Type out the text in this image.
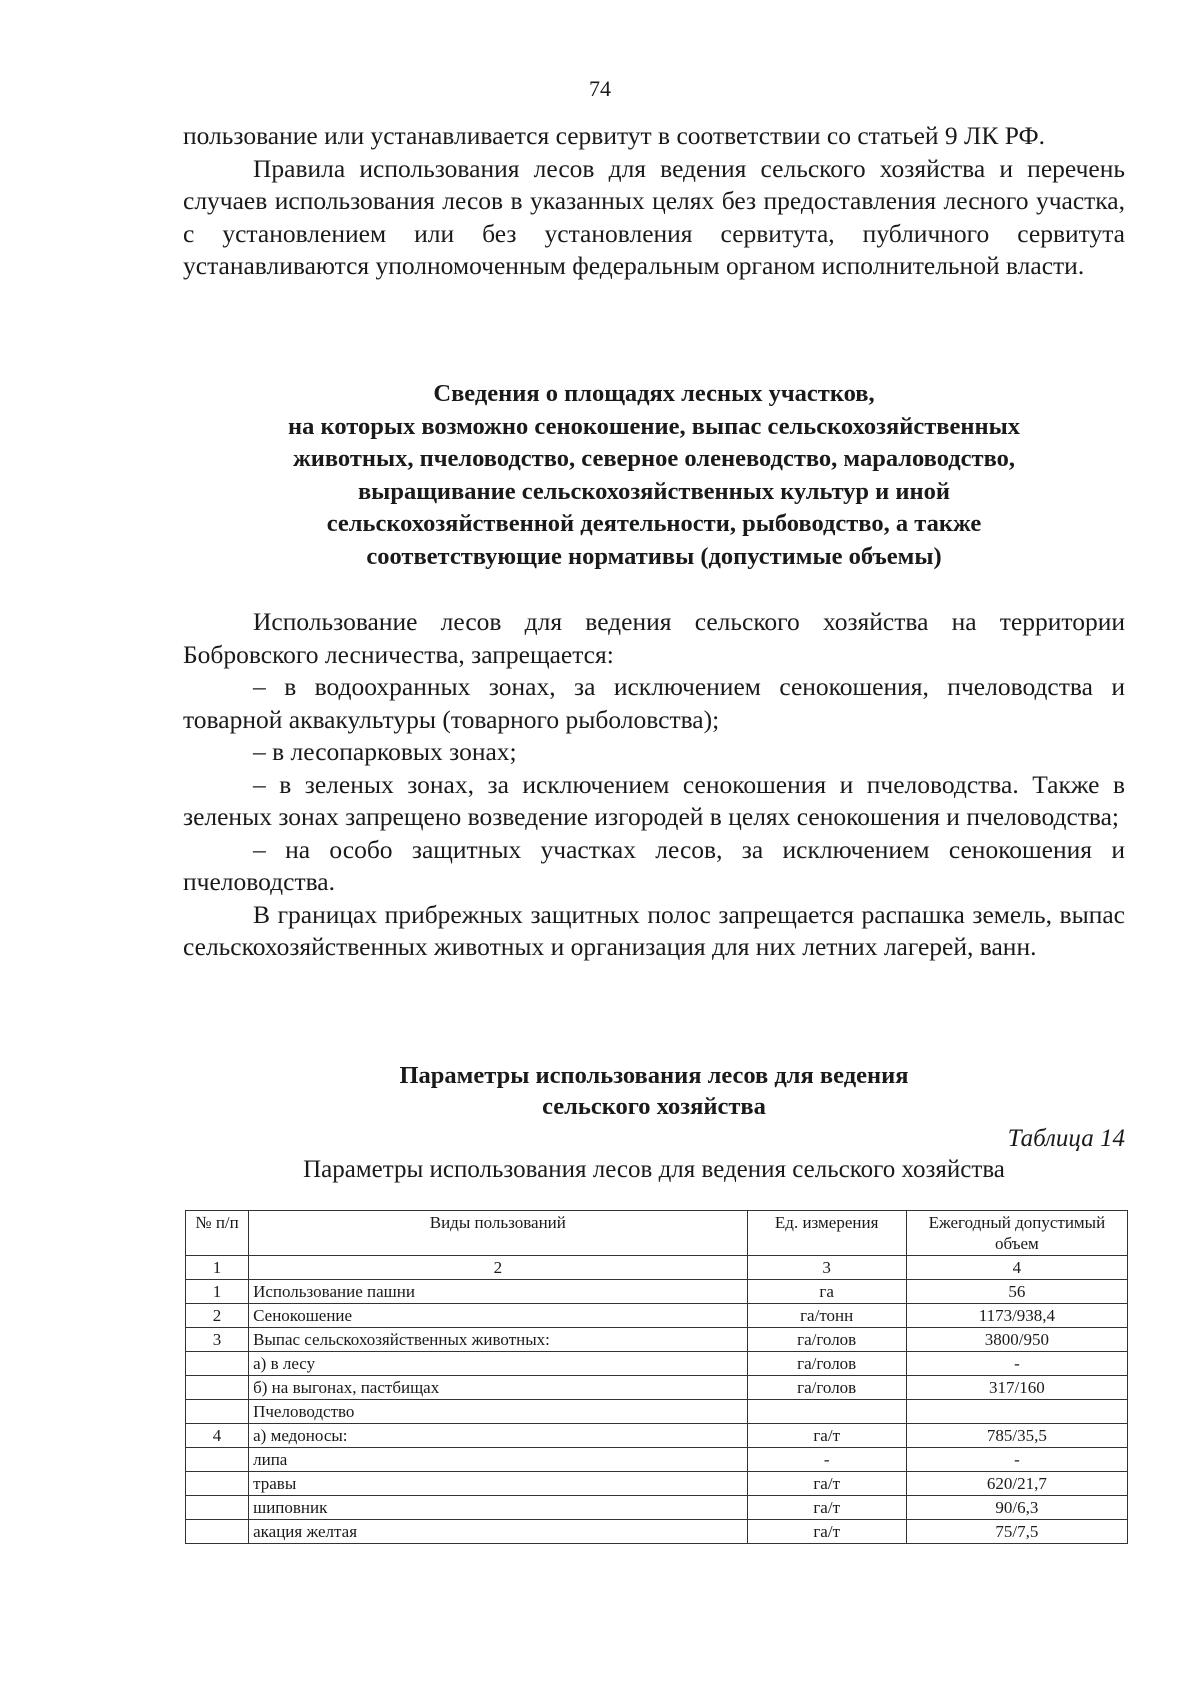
74

пользование или устанавливается сервитут в соответствии со статьей 9 ЛК РФ.

Правила использования лесов для ведения сельского хозяйства и перечень случаев использования лесов в указанных целях без предоставления лесного участка, с установлением или без установления сервитута, публичного сервитута устанавливаются уполномоченным федеральным органом исполнительной власти.

Сведения о площадях лесных участков,
на которых возможно сенокошение, выпас сельскохозяйственных
животных, пчеловодство, северное оленеводство, мараловодство,
выращивание сельскохозяйственных культур и иной
сельскохозяйственной деятельности, рыбоводство, а также
соответствующие нормативы (допустимые объемы)

Использование лесов для ведения сельского хозяйства на территории Бобровского лесничества, запрещается:

– в водоохранных зонах, за исключением сенокошения, пчеловодства и товарной аквакультуры (товарного рыболовства);

– в лесопарковых зонах;

– в зеленых зонах, за исключением сенокошения и пчеловодства. Также в зеленых зонах запрещено возведение изгородей в целях сенокошения и пчеловодства;

– на особо защитных участках лесов, за исключением сенокошения и пчеловодства.

В границах прибрежных защитных полос запрещается распашка земель, выпас сельскохозяйственных животных и организация для них летних лагерей, ванн.

Параметры использования лесов для ведения
сельского хозяйства
Таблица 14
Параметры использования лесов для ведения сельского хозяйства
№ п/п	Виды пользований	Ед. измерения	Ежегодный допустимый объем
1	2	3	4
1	Использование пашни	га	56
2	Сенокошение	га/тонн	1173/938,4
3	Выпас сельскохозяйственных животных:	га/голов	3800/950
	а) в лесу	га/голов	-
	б) на выгонах, пастбищах	га/голов	317/160
	Пчеловодство		
4	а) медоносы:	га/т	785/35,5
	липа	-	-
	травы	га/т	620/21,7
	шиповник	га/т	90/6,3
	акация желтая	га/т	75/7,5
